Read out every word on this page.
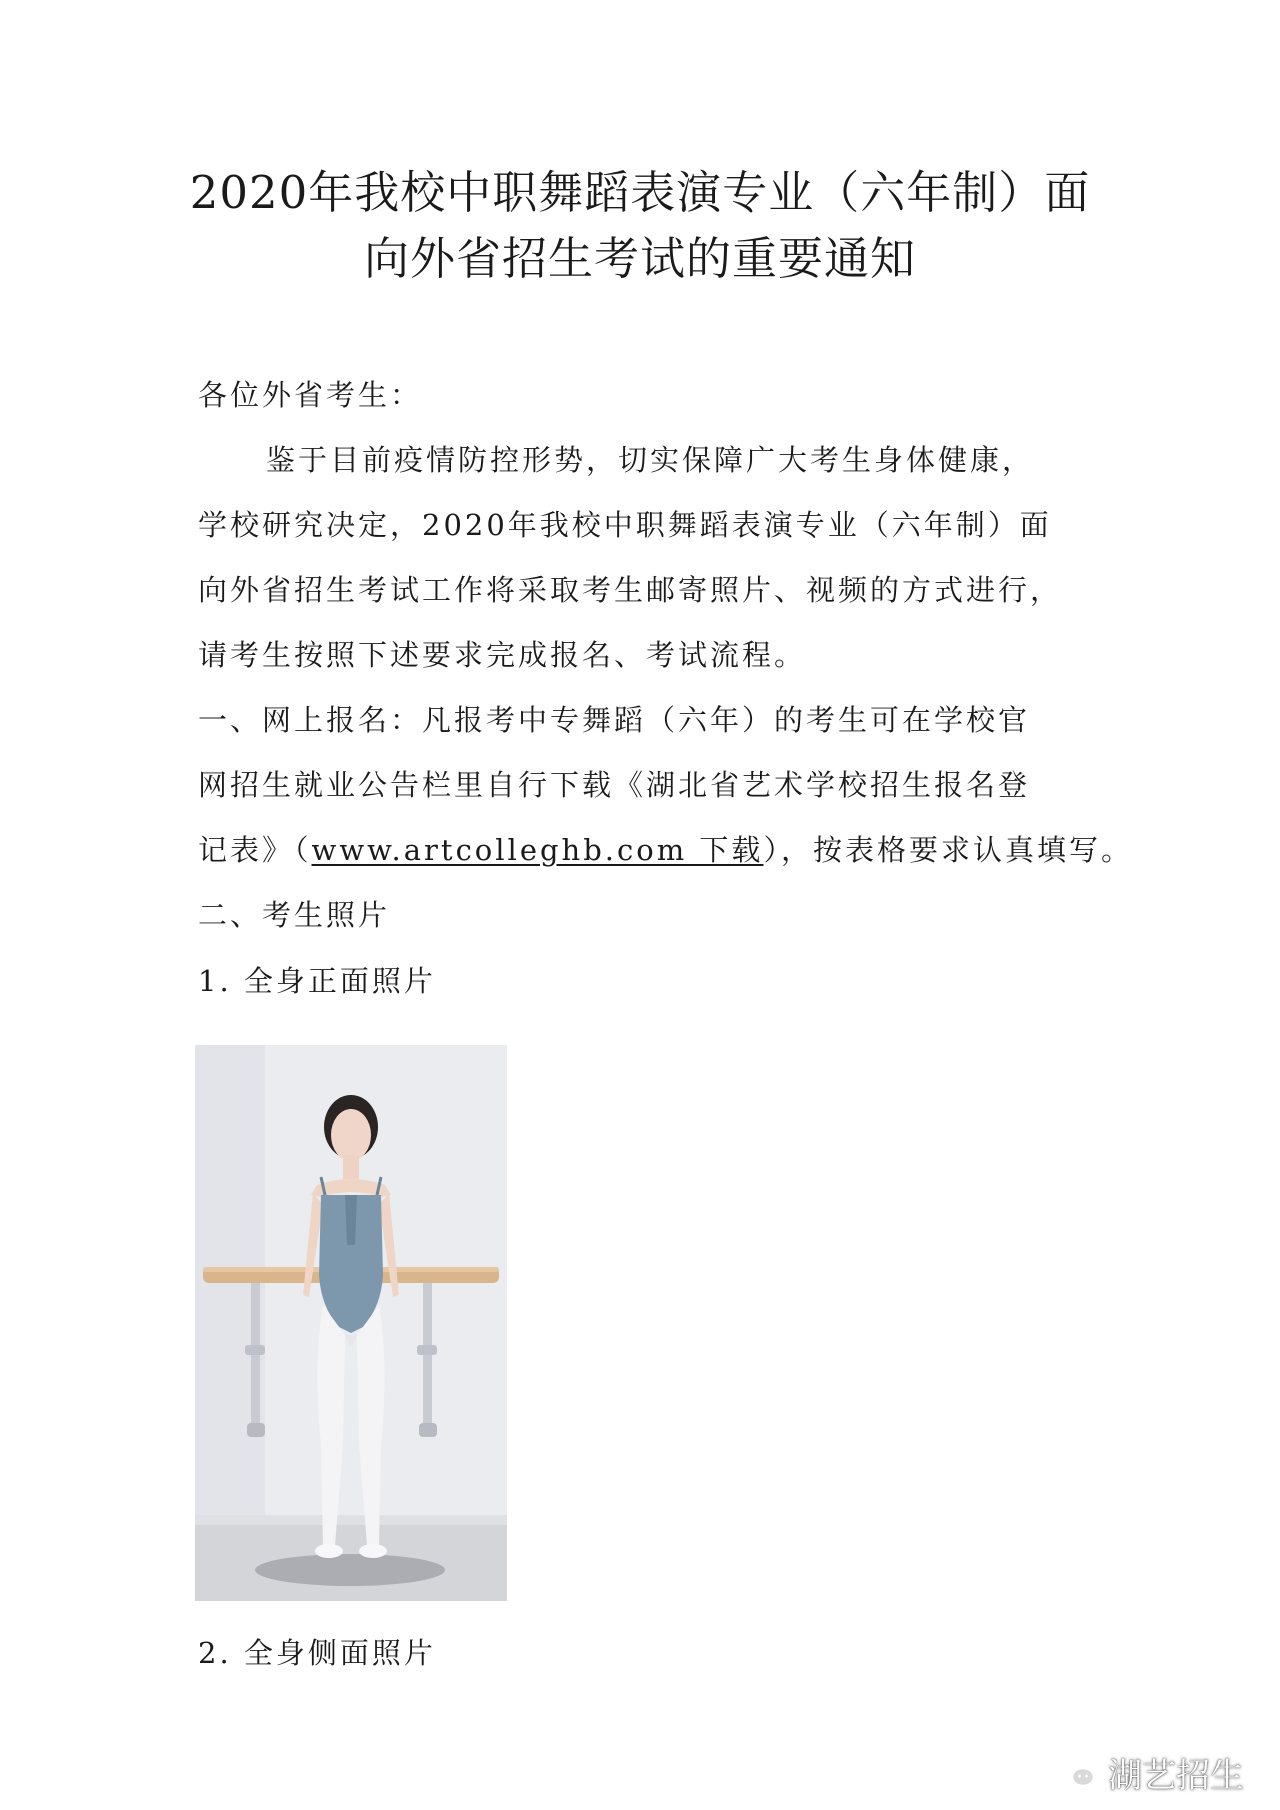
2020年我校中职舞蹈表演专业（六年制）面
向外省招生考试的重要通知
各位外省考生：
鉴于目前疫情防控形势，切实保障广大考生身体健康，
学校研究决定，2020年我校中职舞蹈表演专业（六年制）面
向外省招生考试工作将采取考生邮寄照片、视频的方式进行，
请考生按照下述要求完成报名、考试流程。
一、网上报名：凡报考中专舞蹈（六年）的考生可在学校官
网招生就业公告栏里自行下载《湖北省艺术学校招生报名登
记表》（www.artcolleghb.com 下载），按表格要求认真填写。
二、考生照片
1. 全身正面照片
2. 全身侧面照片
湖艺招生
